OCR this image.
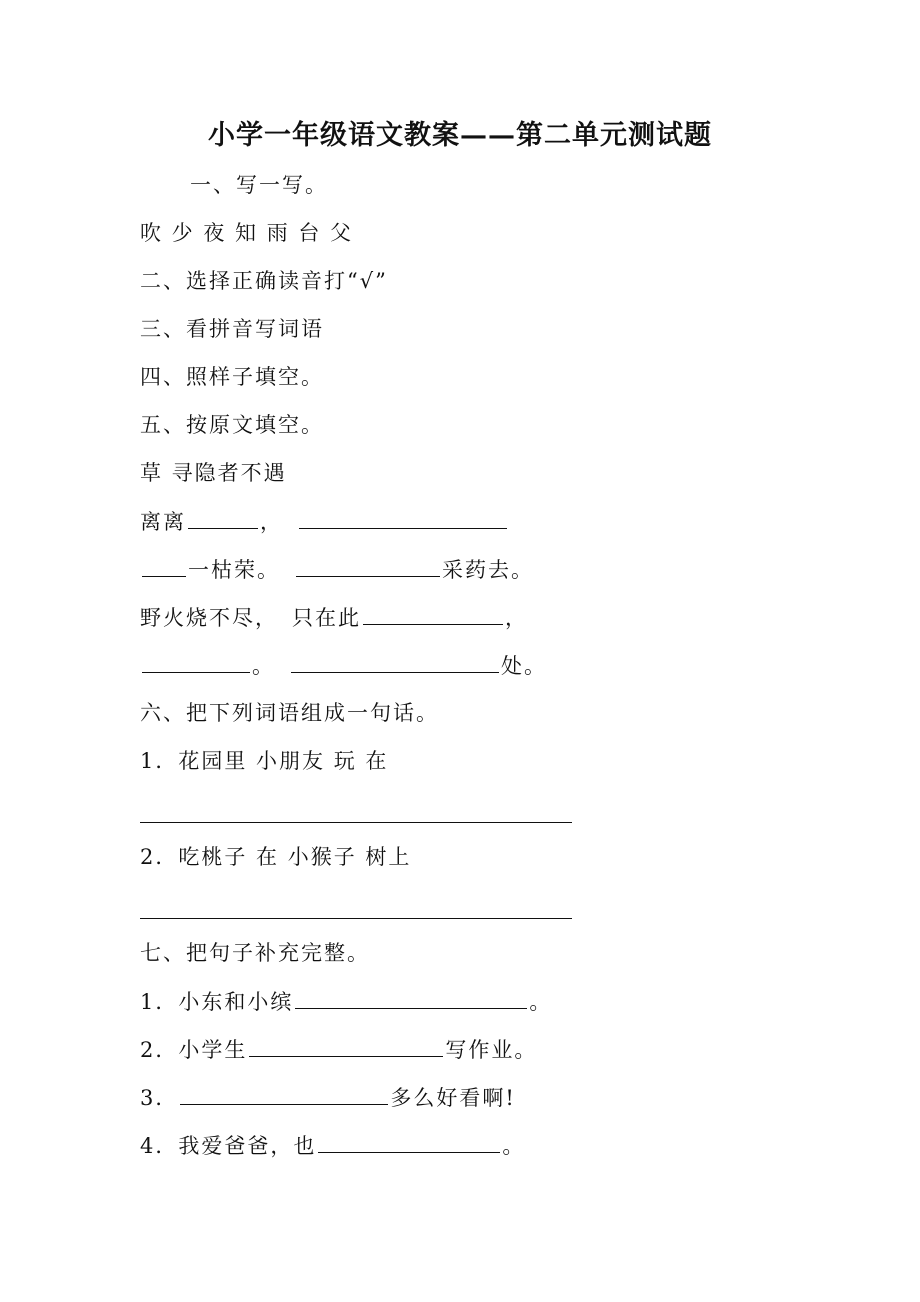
小学一年级语文教案——第二单元测试题
一、写一写。
吹 少 夜 知 雨 台 父
二、选择正确读音打“√”
三、看拼音写词语
四、照样子填空。
五、按原文填空。
草 寻隐者不遇
离离	，
一枯荣。	采药去。
野火烧不尽， 只在此	，
。	处。
六、把下列词语组成一句话。
1．花园里 小朋友 玩 在
2．吃桃子 在 小猴子 树上
七、把句子补充完整。
1．小东和小缤	。
2．小学生	写作业。
3．	多么好看啊!
4．我爱爸爸，也	。
